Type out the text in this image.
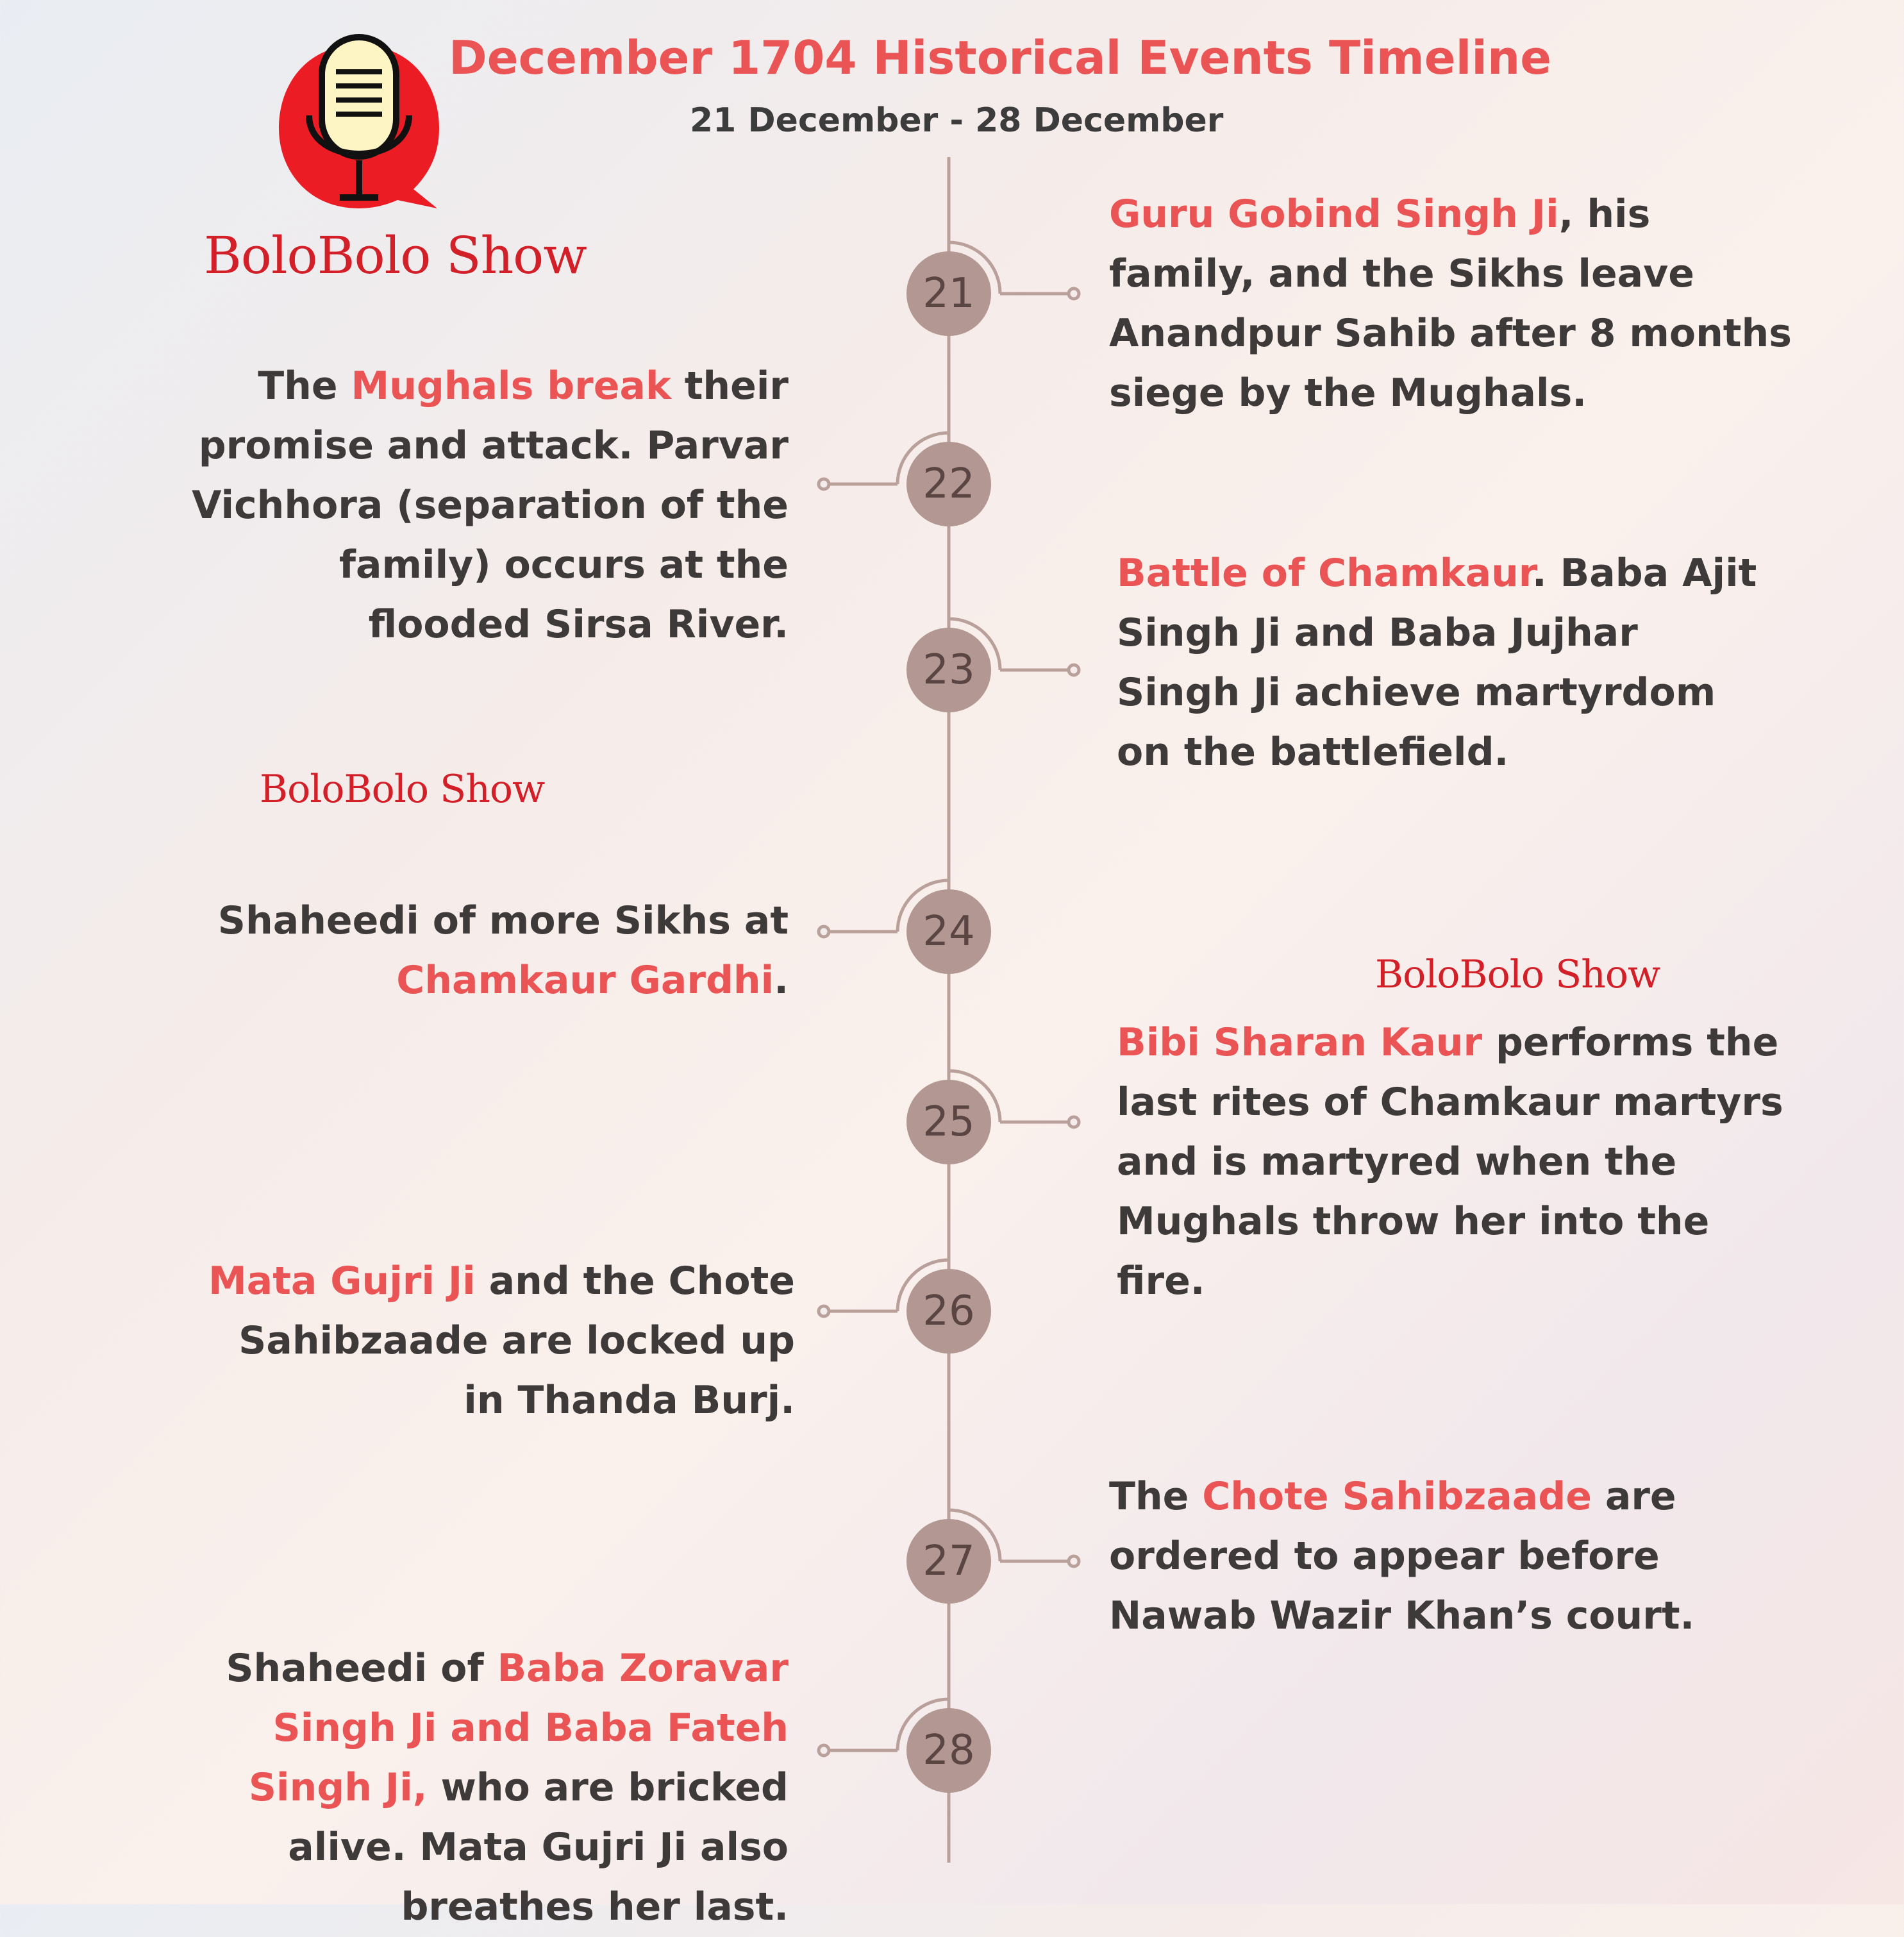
BoloBolo Show
BoloBolo Show
BoloBolo Show
December 1704 Historical Events Timeline
21 December - 28 December
21
22
23
24
25
26
27
28
Guru Gobind Singh Ji, his family, and the Sikhs leave Anandpur Sahib after 8 months siege by the Mughals.
The Mughals break their promise and attack. Parvar Vichhora (separation of the family) occurs at the flooded Sirsa River.
Battle of Chamkaur. Baba Ajit Singh Ji and Baba Jujhar Singh Ji achieve martyrdom on the battlefield.
Shaheedi of more Sikhs at Chamkaur Gardhi.
Bibi Sharan Kaur performs the last rites of Chamkaur martyrs and is martyred when the Mughals throw her into the fire.
Mata Gujri Ji and the Chote Sahibzaade are locked up in Thanda Burj.
The Chote Sahibzaade are ordered to appear before Nawab Wazir Khan’s court.
Shaheedi of Baba Zoravar Singh Ji and Baba Fateh Singh Ji, who are bricked alive. Mata Gujri Ji also breathes her last.
